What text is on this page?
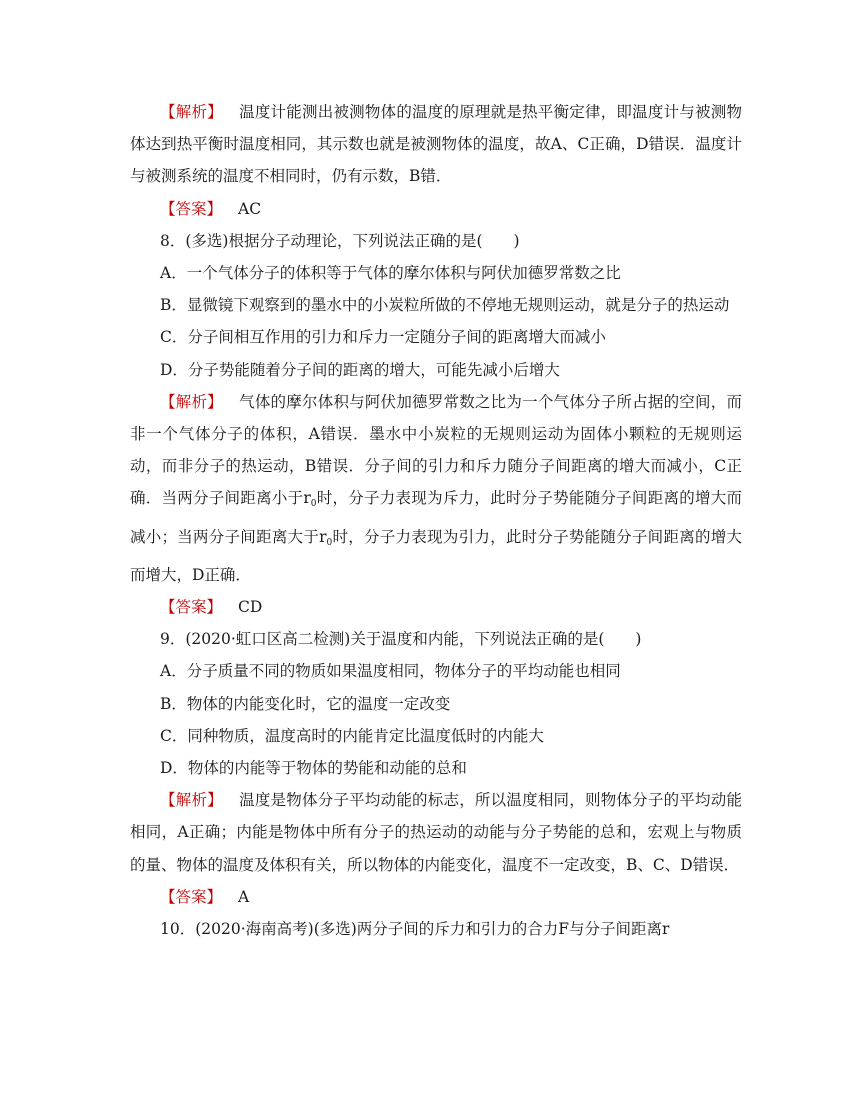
【解析】 温度计能测出被测物体的温度的原理就是热平衡定律，即温度计与被测物体达到热平衡时温度相同，其示数也就是被测物体的温度，故A、C正确，D错误．温度计与被测系统的温度不相同时，仍有示数，B错．

【答案】 AC

8．(多选)根据分子动理论，下列说法正确的是(　　)

A．一个气体分子的体积等于气体的摩尔体积与阿伏加德罗常数之比

B．显微镜下观察到的墨水中的小炭粒所做的不停地无规则运动，就是分子的热运动

C．分子间相互作用的引力和斥力一定随分子间的距离增大而减小

D．分子势能随着分子间的距离的增大，可能先减小后增大

【解析】 气体的摩尔体积与阿伏加德罗常数之比为一个气体分子所占据的空间，而非一个气体分子的体积，A错误．墨水中小炭粒的无规则运动为固体小颗粒的无规则运动，而非分子的热运动，B错误．分子间的引力和斥力随分子间距离的增大而减小，C正确．当两分子间距离小于$r_0$时，分子力表现为斥力，此时分子势能随分子间距离的增大而减小；当两分子间距离大于$r_0$时，分子力表现为引力，此时分子势能随分子间距离的增大而增大，D正确．

【答案】 CD

9．(2020·虹口区高二检测)关于温度和内能，下列说法正确的是(　　)

A．分子质量不同的物质如果温度相同，物体分子的平均动能也相同

B．物体的内能变化时，它的温度一定改变

C．同种物质，温度高时的内能肯定比温度低时的内能大

D．物体的内能等于物体的势能和动能的总和

【解析】 温度是物体分子平均动能的标志，所以温度相同，则物体分子的平均动能相同，A正确；内能是物体中所有分子的热运动的动能与分子势能的总和，宏观上与物质的量、物体的温度及体积有关，所以物体的内能变化，温度不一定改变，B、C、D错误．

【答案】 A

10．(2020·海南高考)(多选)两分子间的斥力和引力的合力F与分子间距离r
